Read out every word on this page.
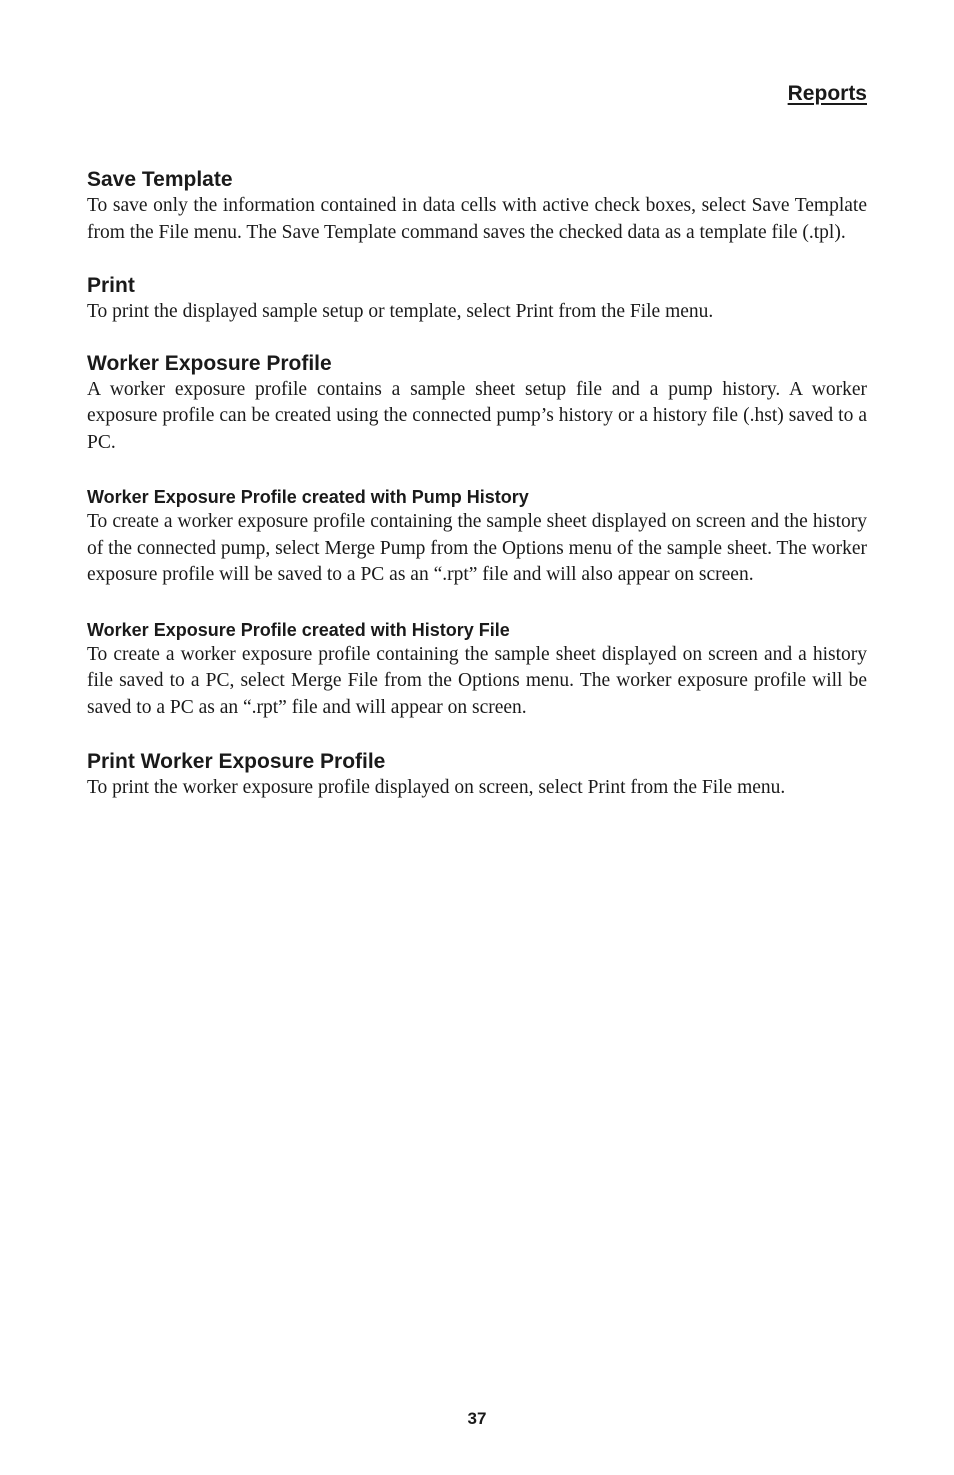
Reports
Save Template

To save only the information contained in data cells with active check boxes, select Save Template from the File menu. The Save Template command saves the checked data as a template file (.tpl).

Print

To print the displayed sample setup or template, select Print from the File menu.

Worker Exposure Profile

A worker exposure profile contains a sample sheet setup file and a pump history. A worker exposure profile can be created using the connected pump’s history or a history file (.hst) saved to a PC.

Worker Exposure Profile created with Pump History

To create a worker exposure profile containing the sample sheet displayed on screen and the history of the connected pump, select Merge Pump from the Options menu of the sample sheet. The worker exposure profile will be saved to a PC as an “.rpt” file and will also appear on screen.

Worker Exposure Profile created with History File

To create a worker exposure profile containing the sample sheet displayed on screen and a history file saved to a PC, select Merge File from the Options menu. The worker exposure profile will be saved to a PC as an “.rpt” file and will appear on screen.

Print Worker Exposure Profile

To print the worker exposure profile displayed on screen, select Print from the File menu.

37
